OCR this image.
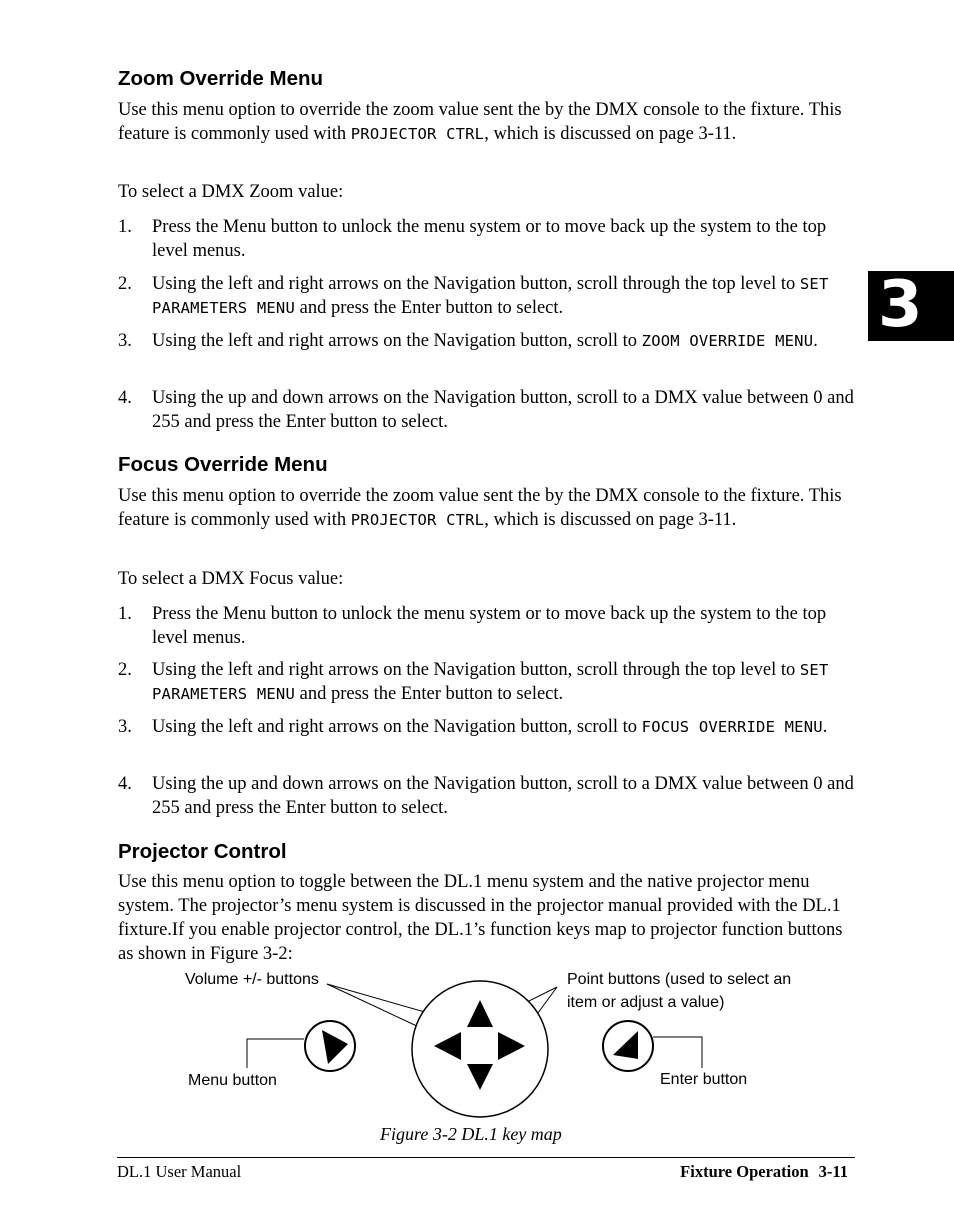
3
Zoom Override Menu

Use this menu option to override the zoom value sent the by the DMX console to the fixture. This feature is commonly used with PROJECTOR CTRL, which is discussed on page 3-11.

To select a DMX Zoom value:

1. Press the Menu button to unlock the menu system or to move back up the system to the top level menus.
2. Using the left and right arrows on the Navigation button, scroll through the top level to SET PARAMETERS MENU and press the Enter button to select.
3. Using the left and right arrows on the Navigation button, scroll to ZOOM OVERRIDE MENU.
4. Using the up and down arrows on the Navigation button, scroll to a DMX value between 0 and 255 and press the Enter button to select.
Focus Override Menu

Use this menu option to override the zoom value sent the by the DMX console to the fixture. This feature is commonly used with PROJECTOR CTRL, which is discussed on page 3-11.

To select a DMX Focus value:

1. Press the Menu button to unlock the menu system or to move back up the system to the top level menus.
2. Using the left and right arrows on the Navigation button, scroll through the top level to SET PARAMETERS MENU and press the Enter button to select.
3. Using the left and right arrows on the Navigation button, scroll to FOCUS OVERRIDE MENU.
4. Using the up and down arrows on the Navigation button, scroll to a DMX value between 0 and 255 and press the Enter button to select.
Projector Control

Use this menu option to toggle between the DL.1 menu system and the native projector menu system. The projector’s menu system is discussed in the projector manual provided with the DL.1 fixture.If you enable projector control, the DL.1’s function keys map to projector function buttons as shown in Figure 3-2:

Volume +/- buttons	Point buttons (used to select an
item or adjust a value)
Menu button	Enter button
Figure 3-2 DL.1 key map
DL.1 User Manual	Fixture Operation 3-11
